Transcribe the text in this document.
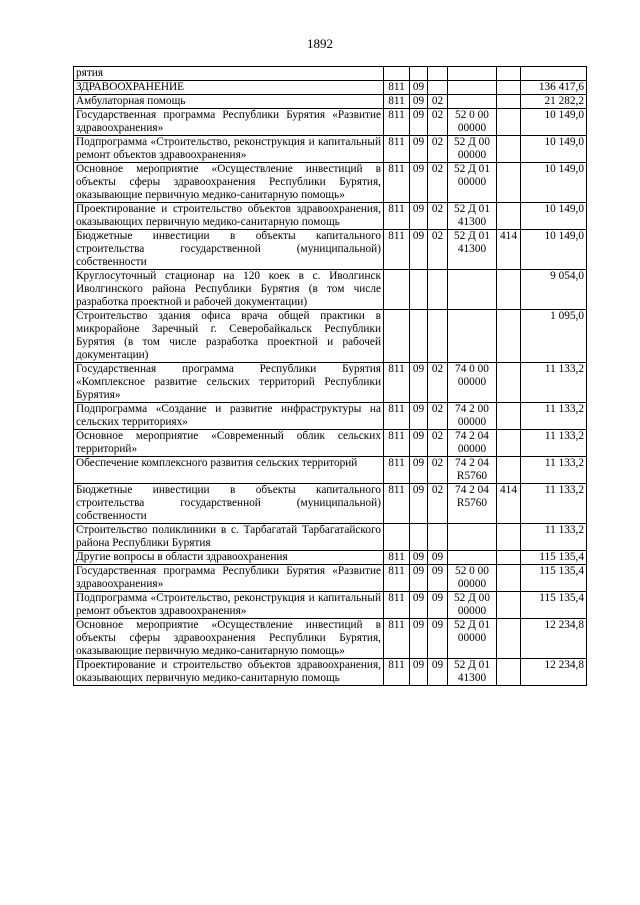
1892
рятия						
ЗДРАВООХРАНЕНИЕ	811	09				136 417,6
Амбулаторная помощь	811	09	02			21 282,2
Государственная программа Республики Бурятия «Развитие здравоохранения»	811	09	02	52 0 00 00000		10 149,0
Подпрограмма «Строительство, реконструкция и капитальный ремонт объектов здравоохранения»	811	09	02	52 Д 00 00000		10 149,0
Основное мероприятие «Осуществление инвестиций в объекты сферы здравоохранения Республики Бурятия, оказывающие первичную медико-санитарную помощь»	811	09	02	52 Д 01 00000		10 149,0
Проектирование и строительство объектов здравоохранения, оказывающих первичную медико-санитарную помощь	811	09	02	52 Д 01 41300		10 149,0
Бюджетные инвестиции в объекты капитального строительства государственной (муниципальной) собственности	811	09	02	52 Д 01 41300	414	10 149,0
Круглосуточный стационар на 120 коек в с. Иволгинск Иволгинского района Республики Бурятия (в том числе разработка проектной и рабочей документации)						9 054,0
Строительство здания офиса врача общей практики в микрорайоне Заречный г. Северобайкальск Республики Бурятия (в том числе разработка проектной и рабочей документации)						1 095,0
Государственная программа Республики Бурятия «Комплексное развитие сельских территорий Республики Бурятия»	811	09	02	74 0 00 00000		11 133,2
Подпрограмма «Создание и развитие инфраструктуры на сельских территориях»	811	09	02	74 2 00 00000		11 133,2
Основное мероприятие «Современный облик сельских территорий»	811	09	02	74 2 04 00000		11 133,2
Обеспечение комплексного развития сельских территорий	811	09	02	74 2 04 R5760		11 133,2
Бюджетные инвестиции в объекты капитального строительства государственной (муниципальной) собственности	811	09	02	74 2 04 R5760	414	11 133,2
Строительство поликлиники в с. Тарбагатай Тарбагатайского района Республики Бурятия						11 133,2
Другие вопросы в области здравоохранения	811	09	09			115 135,4
Государственная программа Республики Бурятия «Развитие здравоохранения»	811	09	09	52 0 00 00000		115 135,4
Подпрограмма «Строительство, реконструкция и капитальный ремонт объектов здравоохранения»	811	09	09	52 Д 00 00000		115 135,4
Основное мероприятие «Осуществление инвестиций в объекты сферы здравоохранения Республики Бурятия, оказывающие первичную медико-санитарную помощь»	811	09	09	52 Д 01 00000		12 234,8
Проектирование и строительство объектов здравоохранения, оказывающих первичную медико-санитарную помощь	811	09	09	52 Д 01 41300		12 234,8
